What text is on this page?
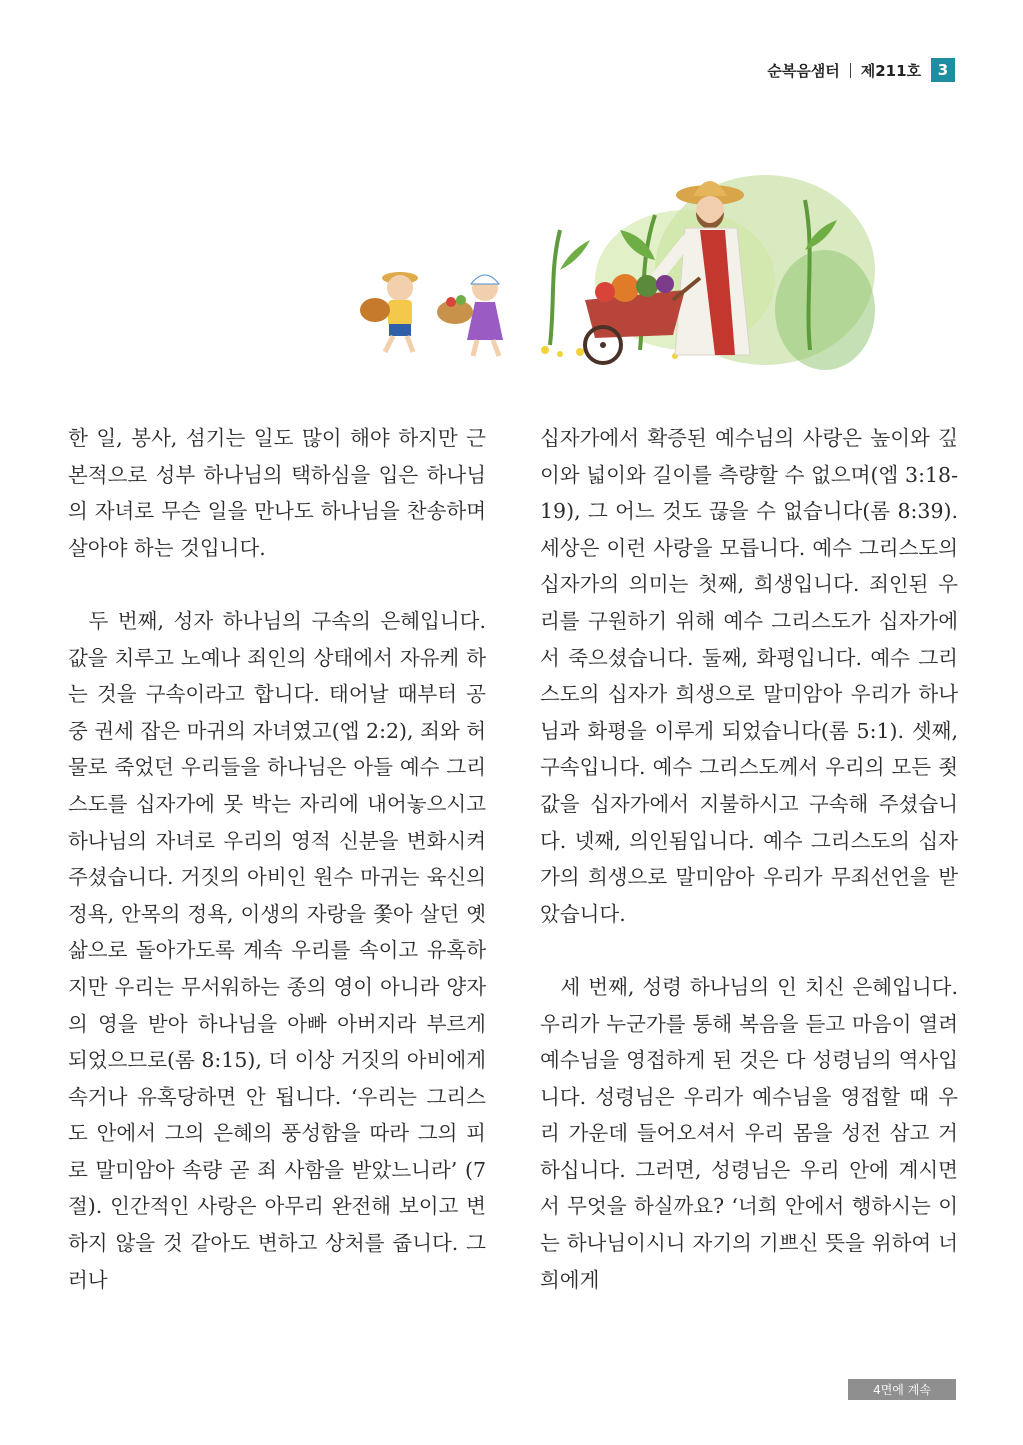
순복음샘터 제211호	3

한 일, 봉사, 섬기는 일도 많이 해야 하지만 근본적으로 성부 하나님의 택하심을 입은 하나님의 자녀로 무슨 일을 만나도 하나님을 찬송하며 살아야 하는 것입니다.

두 번째, 성자 하나님의 구속의 은혜입니다. 값을 치루고 노예나 죄인의 상태에서 자유케 하는 것을 구속이라고 합니다. 태어날 때부터 공중 권세 잡은 마귀의 자녀였고(엡 2:2), 죄와 허물로 죽었던 우리들을 하나님은 아들 예수 그리스도를 십자가에 못 박는 자리에 내어놓으시고 하나님의 자녀로 우리의 영적 신분을 변화시켜주셨습니다. 거짓의 아비인 원수 마귀는 육신의 정욕, 안목의 정욕, 이생의 자랑을 쫓아 살던 옛 삶으로 돌아가도록 계속 우리를 속이고 유혹하지만 우리는 무서워하는 종의 영이 아니라 양자의 영을 받아 하나님을 아빠 아버지라 부르게 되었으므로(롬 8:15), 더 이상 거짓의 아비에게 속거나 유혹당하면 안 됩니다. ‘우리는 그리스도 안에서 그의 은혜의 풍성함을 따라 그의 피로 말미암아 속량 곧 죄 사함을 받았느니라’ (7절). 인간적인 사랑은 아무리 완전해 보이고 변하지 않을 것 같아도 변하고 상처를 줍니다. 그러나

십자가에서 확증된 예수님의 사랑은 높이와 깊이와 넓이와 길이를 측량할 수 없으며(엡 3:18-19), 그 어느 것도 끊을 수 없습니다(롬 8:39). 세상은 이런 사랑을 모릅니다. 예수 그리스도의 십자가의 의미는 첫째, 희생입니다. 죄인된 우리를 구원하기 위해 예수 그리스도가 십자가에서 죽으셨습니다. 둘째, 화평입니다. 예수 그리스도의 십자가 희생으로 말미암아 우리가 하나님과 화평을 이루게 되었습니다(롬 5:1). 셋째, 구속입니다. 예수 그리스도께서 우리의 모든 죗값을 십자가에서 지불하시고 구속해 주셨습니다. 넷째, 의인됨입니다. 예수 그리스도의 십자가의 희생으로 말미암아 우리가 무죄선언을 받았습니다.

세 번째, 성령 하나님의 인 치신 은혜입니다. 우리가 누군가를 통해 복음을 듣고 마음이 열려 예수님을 영접하게 된 것은 다 성령님의 역사입니다. 성령님은 우리가 예수님을 영접할 때 우리 가운데 들어오셔서 우리 몸을 성전 삼고 거하십니다. 그러면, 성령님은 우리 안에 계시면서 무엇을 하실까요? ‘너희 안에서 행하시는 이는 하나님이시니 자기의 기쁘신 뜻을 위하여 너희에게

4면에 계속
